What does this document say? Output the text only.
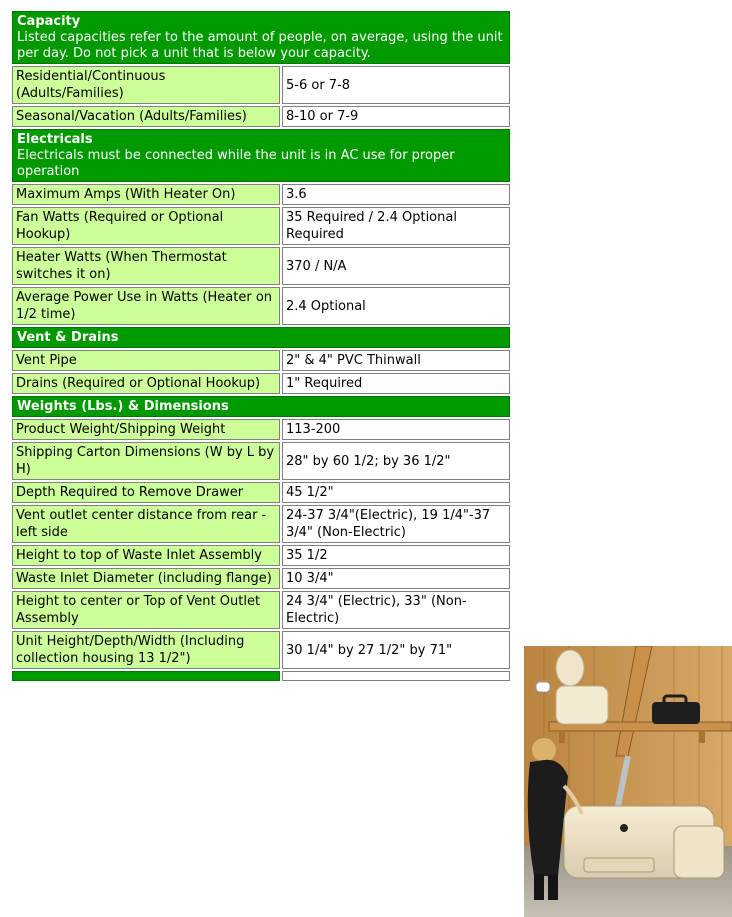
Capacity
Listed capacities refer to the amount of people, on average, using the unit per day. Do not pick a unit that is below your capacity.		

Residential/Continuous (Adults/Families)		5-6 or 7-8
Seasonal/Vacation (Adults/Families)		8-10 or 7-9

Electricals
Electricals must be connected while the unit is in AC use for proper operation		

Maximum Amps (With Heater On)		3.6
Fan Watts (Required or Optional Hookup)		35 Required / 2.4 Optional Required
Heater Watts (When Thermostat switches it on)		370 / N/A
Average Power Use in Watts (Heater on 1/2 time)		2.4 Optional

Vent & Drains		

Vent Pipe		2" & 4" PVC Thinwall
Drains (Required or Optional Hookup)		1" Required

Weights (Lbs.) & Dimensions		

Product Weight/Shipping Weight		113-200
Shipping Carton Dimensions (W by L by H)		28" by 60 1/2; by 36 1/2"
Depth Required to Remove Drawer		45 1/2"
Vent outlet center distance from rear - left side		24-37 3/4"(Electric), 19 1/4"-37 3/4" (Non-Electric)
Height to top of Waste Inlet Assembly		35 1/2
Waste Inlet Diameter (including flange)		10 3/4"
Height to center or Top of Vent Outlet Assembly		24 3/4" (Electric), 33" (Non-Electric)
Unit Height/Depth/Width (Including collection housing 13 1/2")		30 1/4" by 27 1/2" by 71"
